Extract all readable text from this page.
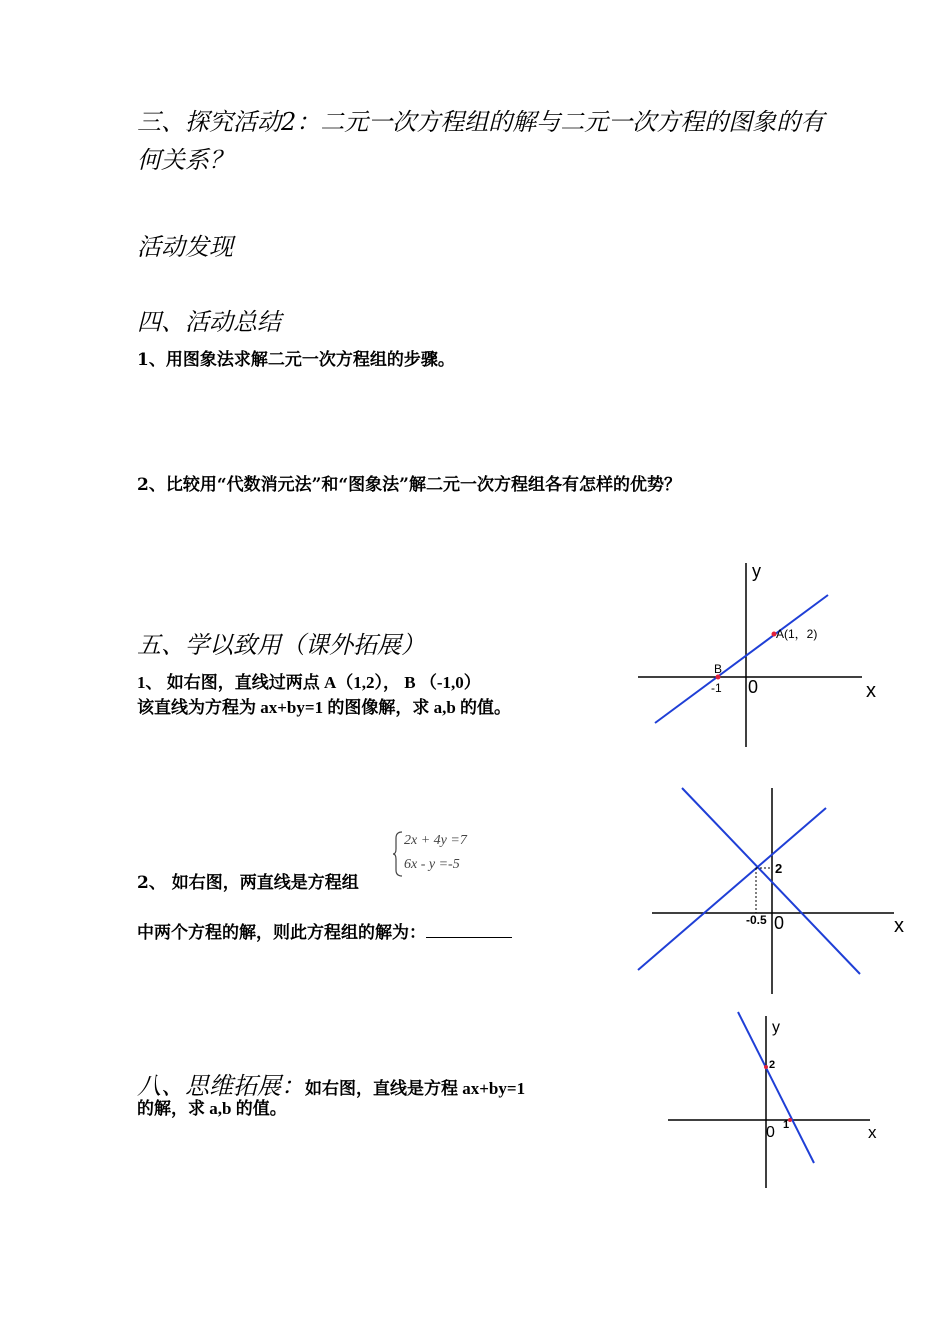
三、探究活动2：二元一次方程组的解与二元一次方程的图象的有
何关系？
活动发现
四、活动总结
1、用图象法求解二元一次方程组的步骤。
2、比较用“代数消元法”和“图象法”解二元一次方程组各有怎样的优势？
五、学以致用（课外拓展）
1、 如右图，直线过两点 A（1,2）， B （-1,0）
该直线为方程为 ax+by=1 的图像解，求 a,b 的值。
2、 如右图，两直线是方程组
2x + 4y =7
6x - y =-5
中两个方程的解，则此方程组的解为：
八、思维拓展：如右图，直线是方程 ax+by=1
的解，求 a,b 的值。
y
x
0
A(1，2)
B
-1
x
0
2
-0.5
y
x
0
2
1
